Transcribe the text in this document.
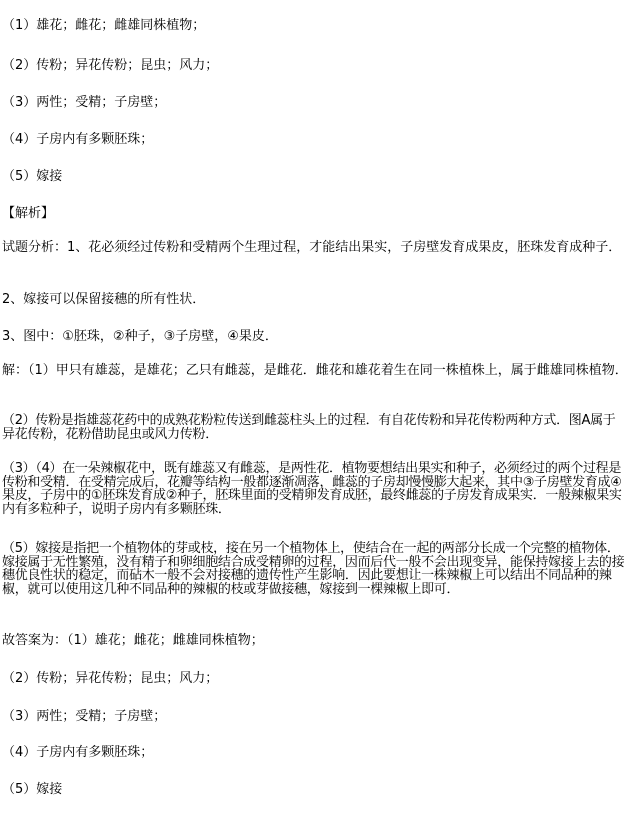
（1）雄花；雌花；雌雄同株植物；
（2）传粉；异花传粉；昆虫；风力；
（3）两性；受精；子房壁；
（4）子房内有多颗胚珠；
（5）嫁接
【解析】
试题分析：1、花必须经过传粉和受精两个生理过程，才能结出果实，子房壁发育成果皮，胚珠发育成种子．
2、嫁接可以保留接穗的所有性状．
3、图中：①胚珠，②种子，③子房壁，④果皮．
解：（1）甲只有雄蕊，是雄花；乙只有雌蕊，是雌花．雌花和雄花着生在同一株植株上，属于雌雄同株植物．
（2）传粉是指雄蕊花药中的成熟花粉粒传送到雌蕊柱头上的过程．有自花传粉和异花传粉两种方式．图A属于异花传粉，花粉借助昆虫或风力传粉．
（3）（4）在一朵辣椒花中，既有雄蕊又有雌蕊，是两性花．植物要想结出果实和种子，必须经过的两个过程是传粉和受精．在受精完成后，花瓣等结构一般都逐渐凋落，雌蕊的子房却慢慢膨大起来，其中③子房壁发育成④果皮，子房中的①胚珠发育成②种子，胚珠里面的受精卵发育成胚，最终雌蕊的子房发育成果实．一般辣椒果实内有多粒种子，说明子房内有多颗胚珠．
（5）嫁接是指把一个植物体的芽或枝，接在另一个植物体上，使结合在一起的两部分长成一个完整的植物体．嫁接属于无性繁殖，没有精子和卵细胞结合成受精卵的过程，因而后代一般不会出现变异，能保持嫁接上去的接穗优良性状的稳定，而砧木一般不会对接穗的遗传性产生影响．因此要想让一株辣椒上可以结出不同品种的辣椒，就可以使用这几种不同品种的辣椒的枝或芽做接穗，嫁接到一棵辣椒上即可．
故答案为：（1）雄花；雌花；雌雄同株植物；
（2）传粉；异花传粉；昆虫；风力；
（3）两性；受精；子房壁；
（4）子房内有多颗胚珠；
（5）嫁接
